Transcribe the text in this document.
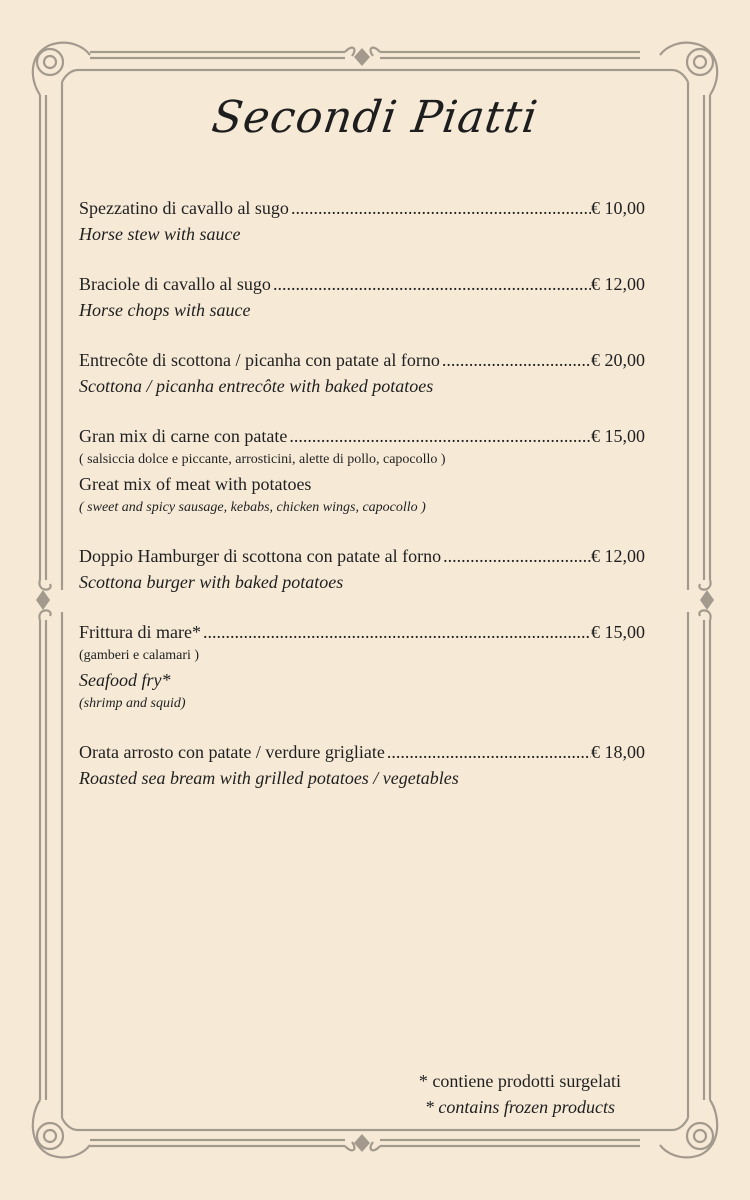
Secondi Piatti
Spezzatino di cavallo al sugo .....	€ 10,00
Horse stew with sauce
Braciole di cavallo al sugo .....	€ 12,00
Horse chops with sauce
Entrecôte di scottona / picanha con patate al forno .....	€ 20,00
Scottona / picanha entrecôte with baked potatoes
Gran mix di carne con patate .....	€ 15,00
( salsiccia dolce e piccante, arrosticini, alette di pollo, capocollo )
Great mix of meat with potatoes
( sweet and spicy sausage, kebabs, chicken wings, capocollo )
Doppio Hamburger di scottona con patate al forno .....	€ 12,00
Scottona burger with baked potatoes
Frittura di mare* .....	€ 15,00
(gamberi e calamari )
Seafood fry*
(shrimp and squid)
Orata arrosto con patate / verdure grigliate .....	€ 18,00
Roasted sea bream with grilled potatoes / vegetables
* contiene prodotti surgelati
* contains frozen products
